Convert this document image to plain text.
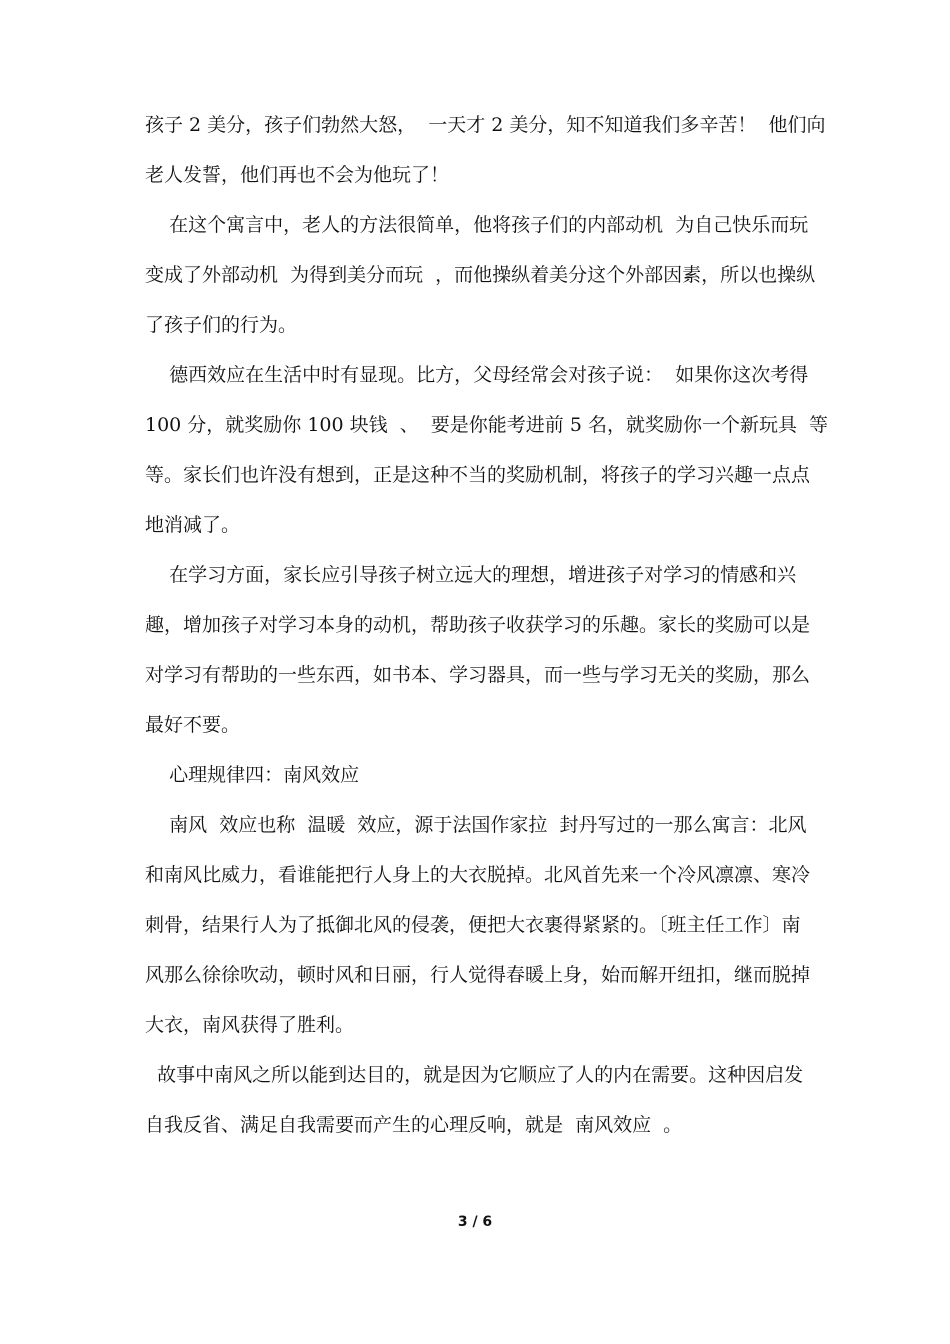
孩子 2 美分，孩子们勃然大怒，  一天才 2 美分，知不知道我们多辛苦！  他们向
老人发誓，他们再也不会为他玩了！
在这个寓言中，老人的方法很简单，他将孩子们的内部动机  为自己快乐而玩
变成了外部动机  为得到美分而玩  ，而他操纵着美分这个外部因素，所以也操纵
了孩子们的行为。
德西效应在生活中时有显现。比方，父母经常会对孩子说：  如果你这次考得
100 分，就奖励你 100 块钱  、  要是你能考进前 5 名，就奖励你一个新玩具  等
等。家长们也许没有想到，正是这种不当的奖励机制，将孩子的学习兴趣一点点
地消减了。
在学习方面，家长应引导孩子树立远大的理想，增进孩子对学习的情感和兴
趣，增加孩子对学习本身的动机，帮助孩子收获学习的乐趣。家长的奖励可以是
对学习有帮助的一些东西，如书本、学习器具，而一些与学习无关的奖励，那么
最好不要。
心理规律四：南风效应
南风  效应也称  温暖  效应，源于法国作家拉  封丹写过的一那么寓言：北风
和南风比威力，看谁能把行人身上的大衣脱掉。北风首先来一个冷风凛凛、寒冷
刺骨，结果行人为了抵御北风的侵袭，便把大衣裹得紧紧的。〔班主任工作〕南
风那么徐徐吹动，顿时风和日丽，行人觉得春暖上身，始而解开纽扣，继而脱掉
大衣，南风获得了胜利。
故事中南风之所以能到达目的，就是因为它顺应了人的内在需要。这种因启发
自我反省、满足自我需要而产生的心理反响，就是  南风效应  。
3 / 6
